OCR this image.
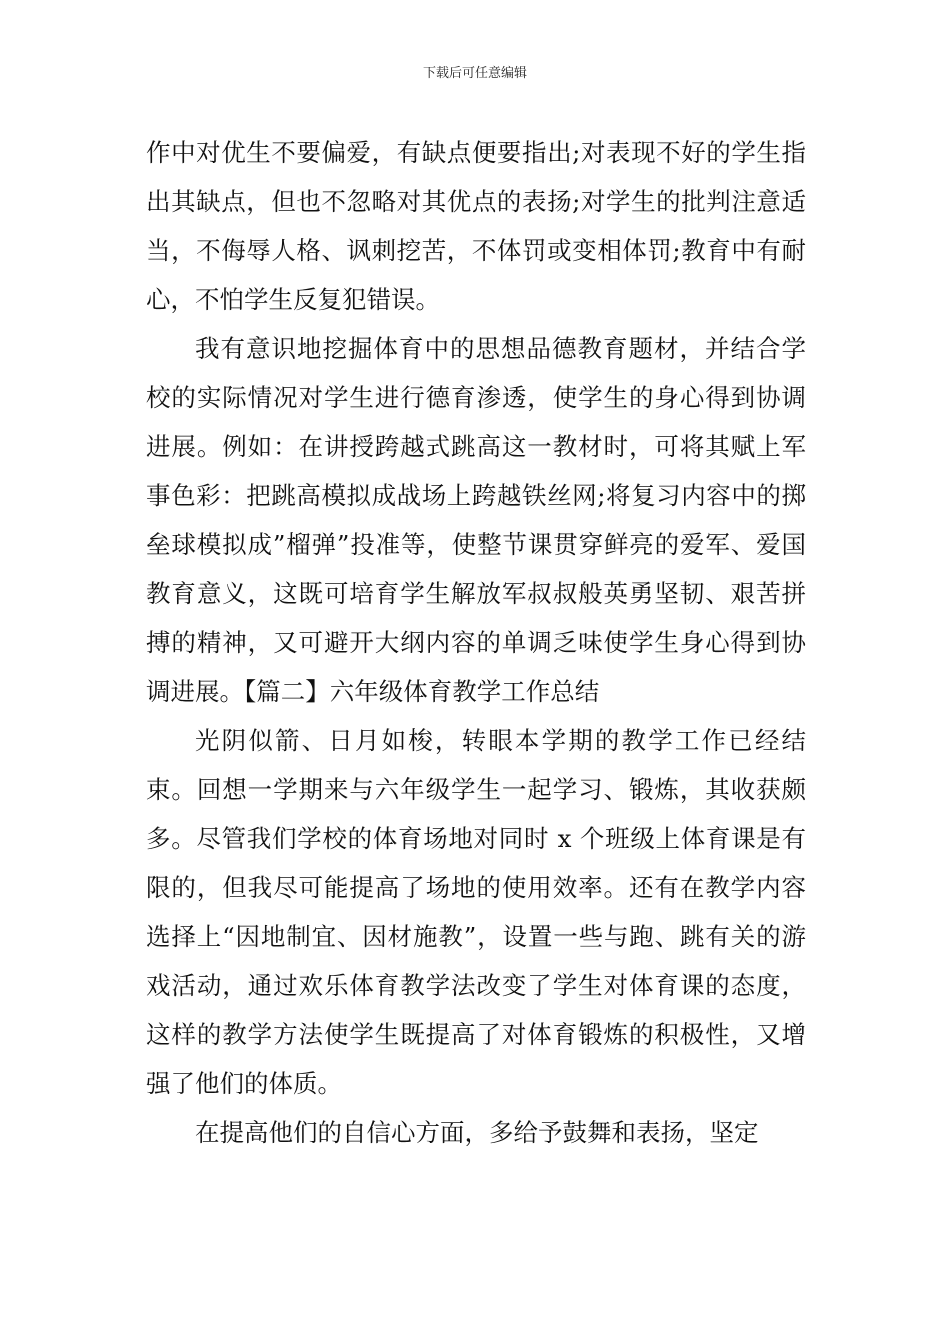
下载后可任意编辑

作中对优生不要偏爱，有缺点便要指出;对表现不好的学生指出其缺点，但也不忽略对其优点的表扬;对学生的批判注意适当，不侮辱人格、讽刺挖苦，不体罚或变相体罚;教育中有耐心，不怕学生反复犯错误。

我有意识地挖掘体育中的思想品德教育题材，并结合学校的实际情况对学生进行德育渗透，使学生的身心得到协调进展。例如：在讲授跨越式跳高这一教材时，可将其赋上军事色彩：把跳高模拟成战场上跨越铁丝网;将复习内容中的掷垒球模拟成”榴弹”投准等，使整节课贯穿鲜亮的爱军、爱国教育意义，这既可培育学生解放军叔叔般英勇坚韧、艰苦拼搏的精神，又可避开大纲内容的单调乏味使学生身心得到协调进展。【篇二】六年级体育教学工作总结

光阴似箭、日月如梭，转眼本学期的教学工作已经结束。回想一学期来与六年级学生一起学习、锻炼，其收获颇多。尽管我们学校的体育场地对同时 x 个班级上体育课是有限的，但我尽可能提高了场地的使用效率。还有在教学内容选择上“因地制宜、因材施教”，设置一些与跑、跳有关的游戏活动，通过欢乐体育教学法改变了学生对体育课的态度，这样的教学方法使学生既提高了对体育锻炼的积极性，又增强了他们的体质。

在提高他们的自信心方面，多给予鼓舞和表扬，坚定
